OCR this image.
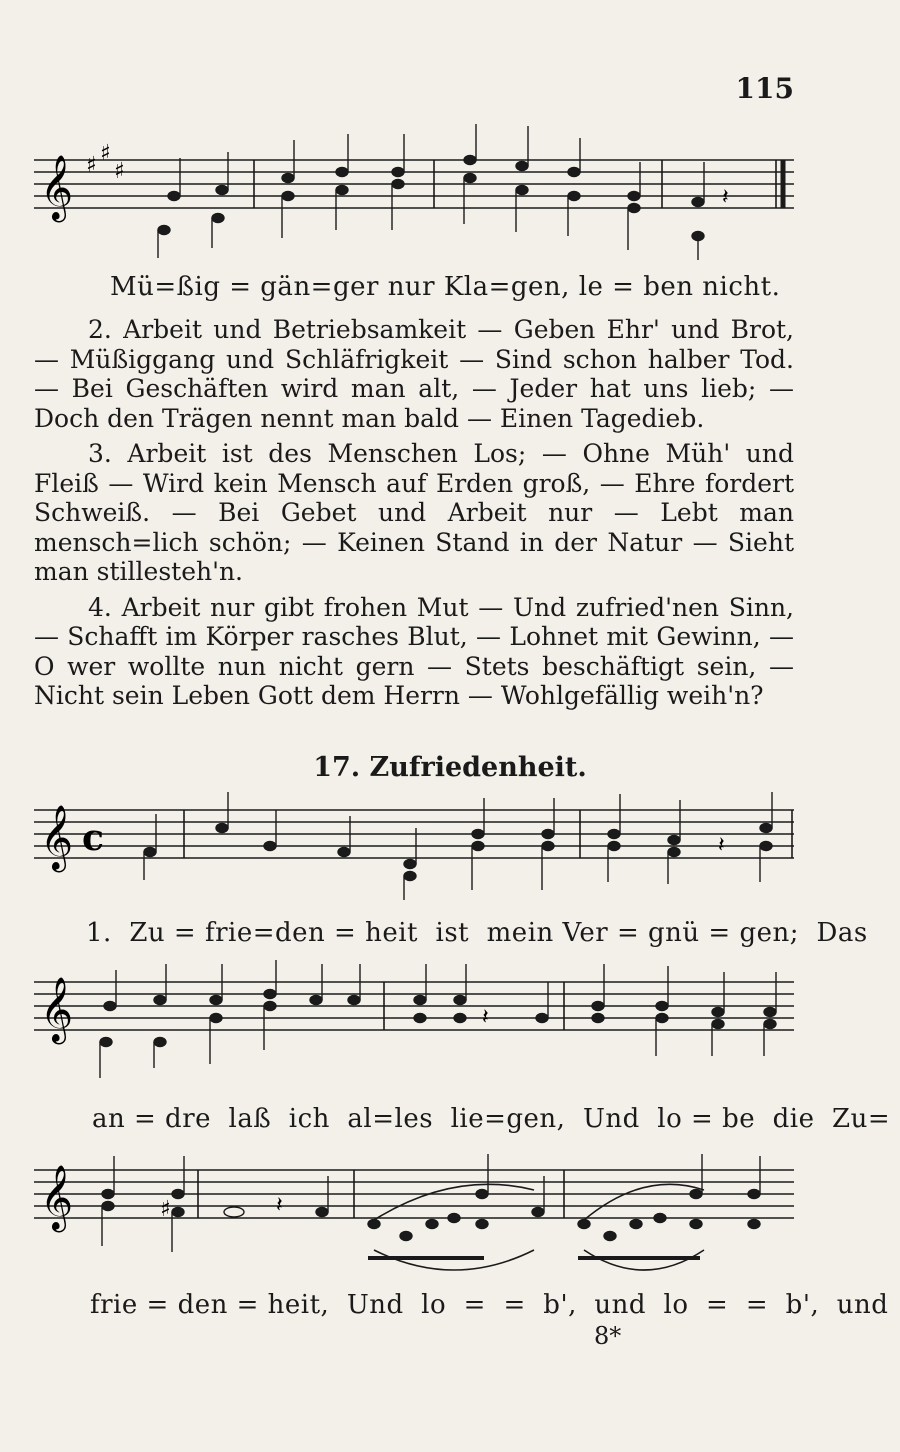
115
𝄞 ♯ ♯
♯
𝄽
Mü=ßig = gän=ger nur Kla=gen, le = ben nicht.

2. Arbeit und Betriebsamkeit — Geben Ehr' und Brot, — Müßiggang und Schläfrigkeit — Sind schon halber Tod. — Bei Geschäften wird man alt, — Jeder hat uns lieb; — Doch den Trägen nennt man bald — Einen Tagedieb.

3. Arbeit ist des Menschen Los; — Ohne Müh' und Fleiß — Wird kein Mensch auf Erden groß, — Ehre fordert Schweiß. — Bei Gebet und Arbeit nur — Lebt man mensch=lich schön; — Keinen Stand in der Natur — Sieht man stillesteh'n.

4. Arbeit nur gibt frohen Mut — Und zufried'nen Sinn, — Schafft im Körper rasches Blut, — Lohnet mit Gewinn, — O wer wollte nun nicht gern — Stets beschäftigt sein, — Nicht sein Leben Gott dem Herrn — Wohlgefällig weih'n?

17. Zufriedenheit.
𝄞 c	𝄽
1.  Zu = frie=den = heit  ist  mein Ver = gnü = gen;  Das
𝄞	𝄽
an = dre  laß  ich  al=les  lie=gen,  Und  lo = be  die  Zu=
𝄞	♯	𝄽
frie = den = heit,  Und  lo  =  =  b',  und  lo  =  =  b',  und
8*
